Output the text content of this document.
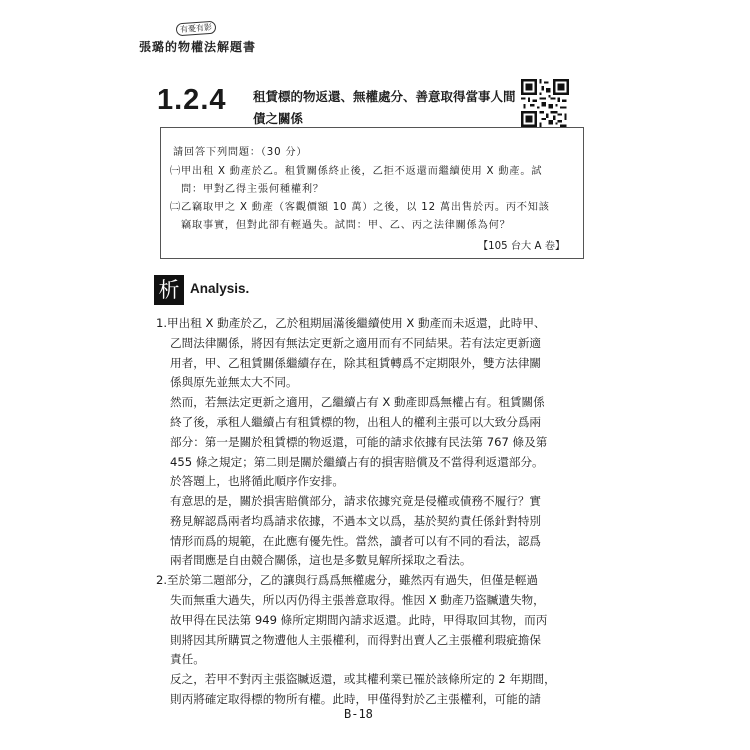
有憂有影
張璐的物權法解題書
1.2.4 租賃標的物返還、無權處分、善意取得當事人間
債之關係
請回答下列問題：（30 分）
㈠甲出租 X 動產於乙。租賃關係終止後，乙拒不返還而繼續使用 X 動產。試
　問：甲對乙得主張何種權利？
㈡乙竊取甲之 X 動產（客觀價額 10 萬）之後，以 12 萬出售於丙。丙不知該
　竊取事實，但對此卻有輕過失。試問：甲、乙、丙之法律關係為何？
【105 台大 A 卷】
析 Analysis.
1.甲出租 X 動產於乙，乙於租期屆滿後繼續使用 X 動產而未返還，此時甲、
乙間法律關係，將因有無法定更新之適用而有不同結果。若有法定更新適
用者，甲、乙租賃關係繼續存在，除其租賃轉爲不定期限外，雙方法律關
係與原先並無太大不同。
然而，若無法定更新之適用，乙繼續占有 X 動產即爲無權占有。租賃關係
終了後，承租人繼續占有租賃標的物，出租人的權利主張可以大致分爲兩
部分：第一是關於租賃標的物返還，可能的請求依據有民法第 767 條及第
455 條之規定；第二則是關於繼續占有的損害賠償及不當得利返還部分。
於答題上，也將循此順序作安排。
有意思的是，關於損害賠償部分，請求依據究竟是侵權或債務不履行？實
務見解認爲兩者均爲請求依據，不過本文以爲，基於契約責任係針對特別
情形而爲的規範，在此應有優先性。當然，讀者可以有不同的看法，認爲
兩者間應是自由競合關係，這也是多數見解所採取之看法。
2.至於第二題部分，乙的讓與行爲爲無權處分，雖然丙有過失，但僅是輕過
失而無重大過失，所以丙仍得主張善意取得。惟因 X 動產乃盜贓遺失物，
故甲得在民法第 949 條所定期間內請求返還。此時，甲得取回其物，而丙
則將因其所購買之物遭他人主張權利，而得對出賣人乙主張權利瑕疵擔保
責任。
反之，若甲不對丙主張盜贓返還，或其權利業已罹於該條所定的 2 年期間，
則丙將確定取得標的物所有權。此時，甲僅得對於乙主張權利，可能的請
B-18
